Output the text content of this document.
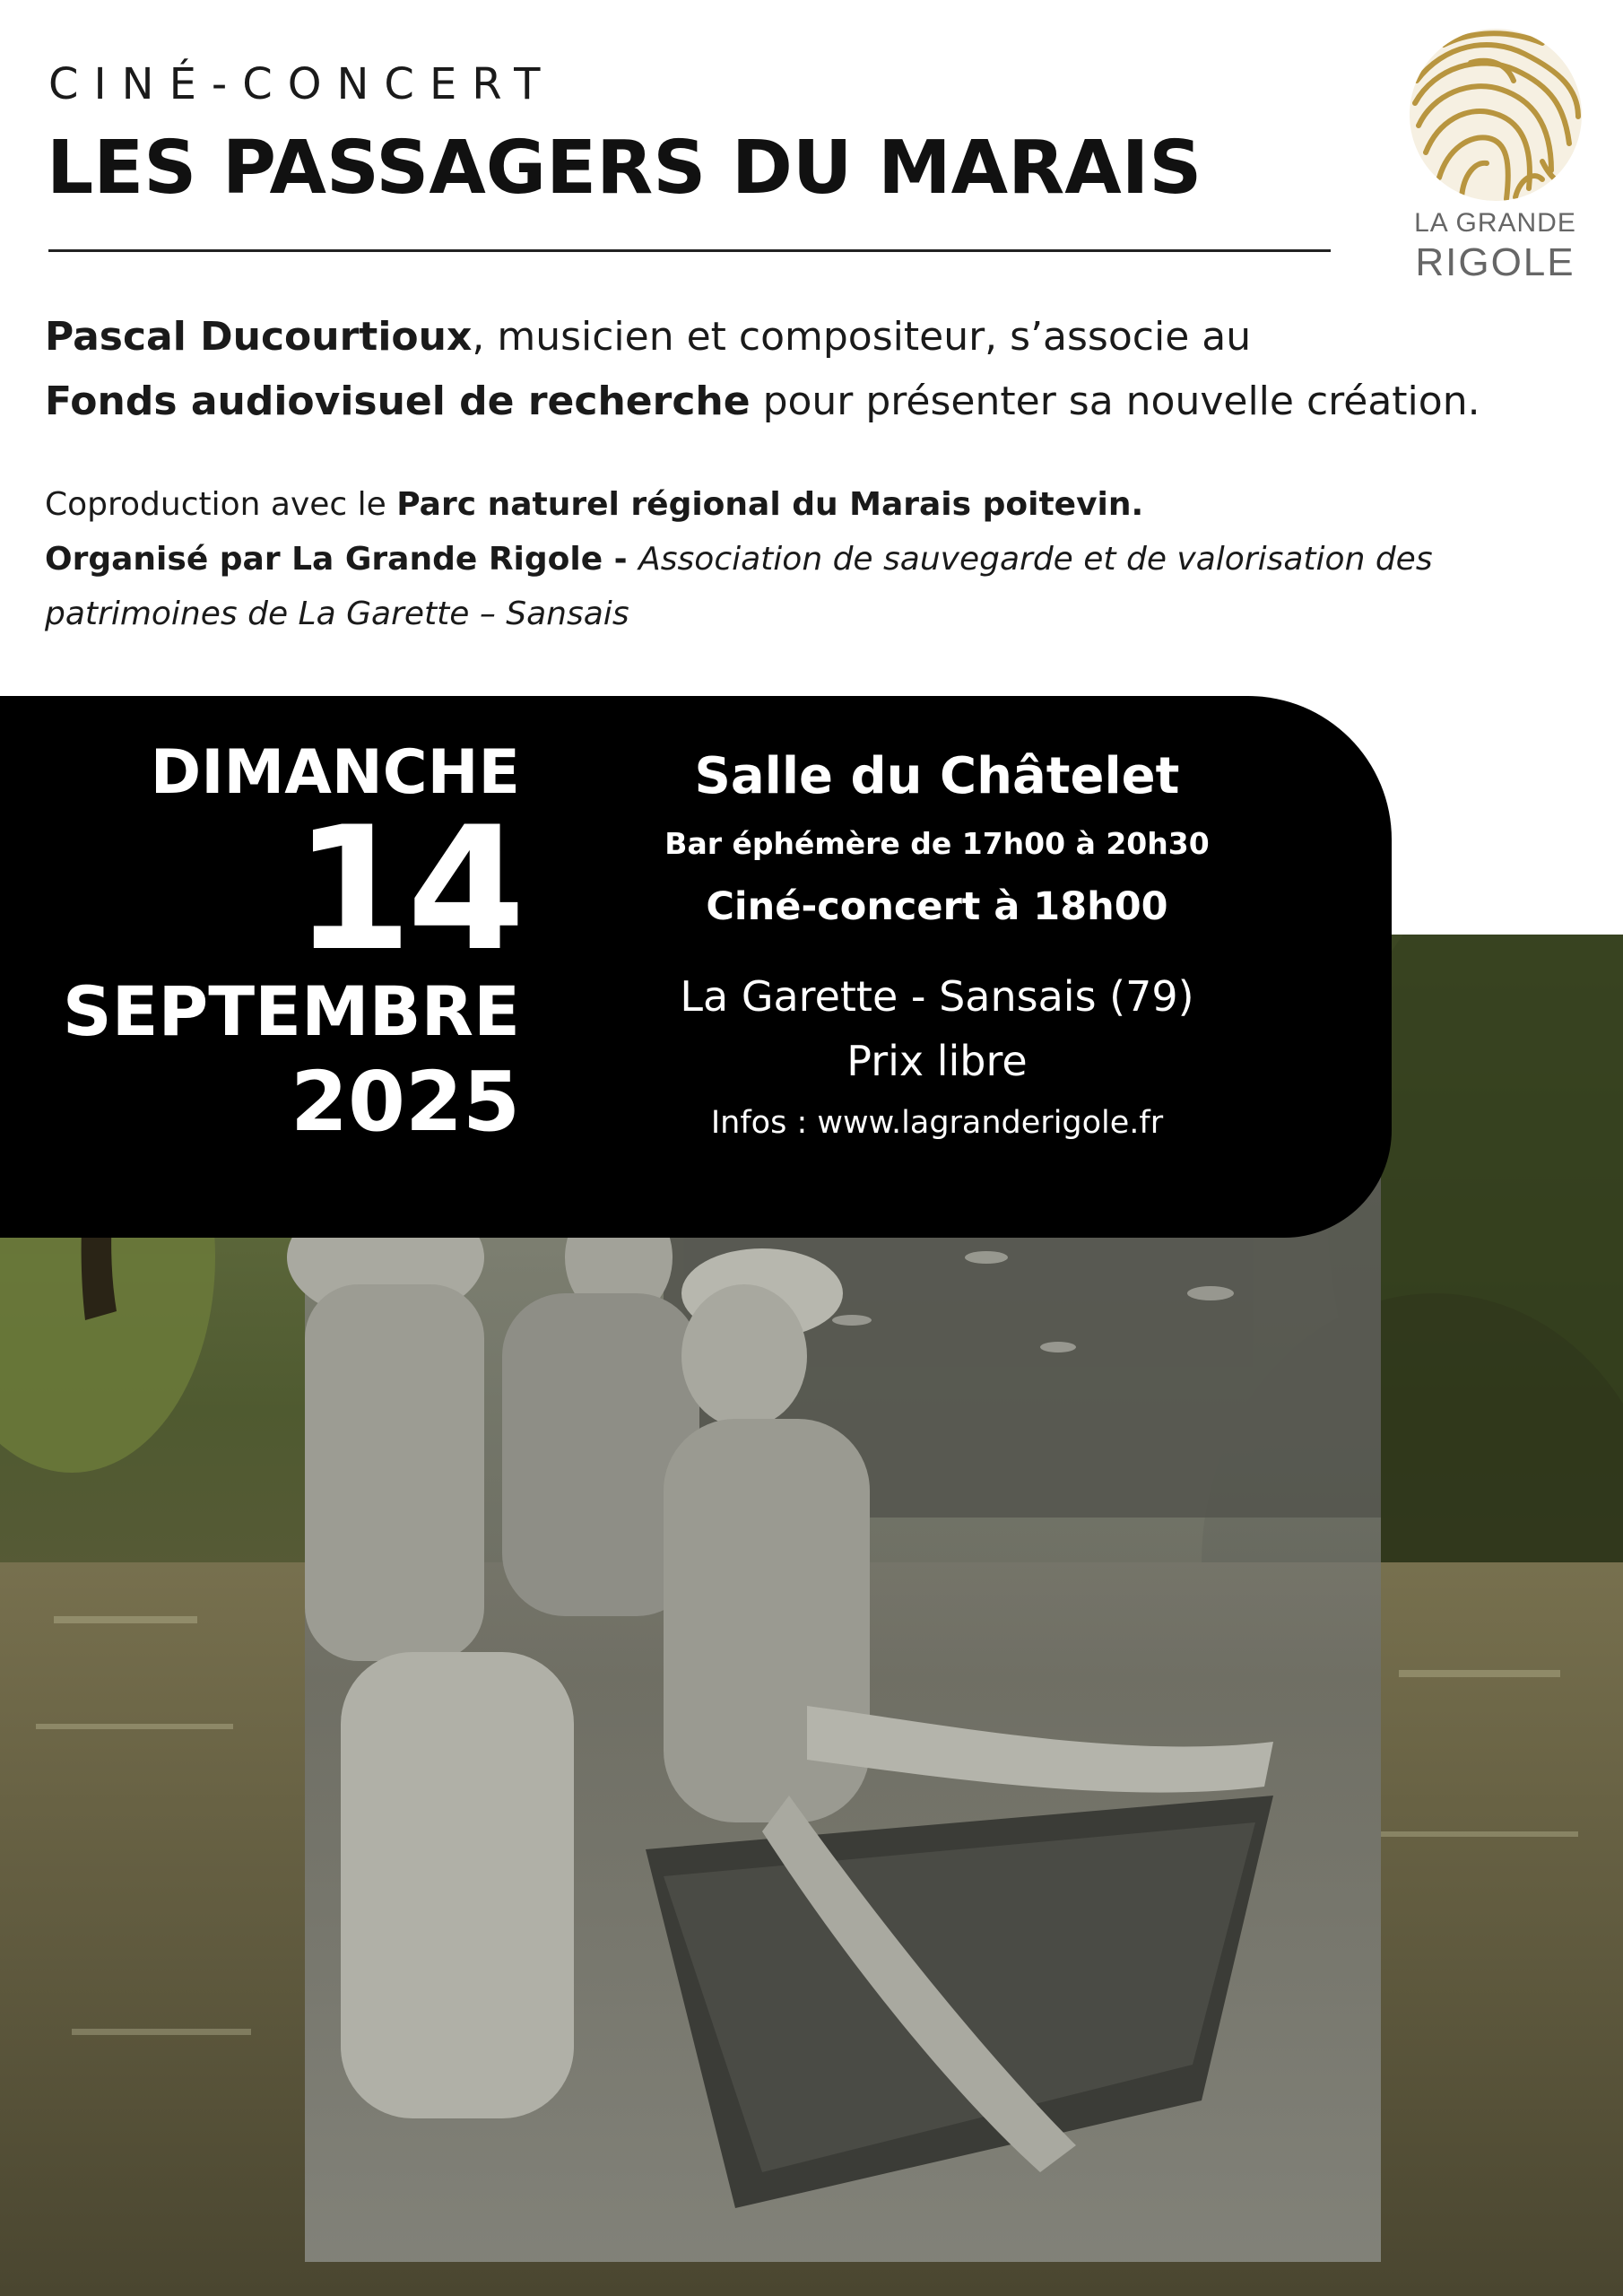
CINÉ-CONCERT
LES PASSAGERS DU MARAIS
LA GRANDE
RIGOLE

Pascal Ducourtioux, musicien et compositeur, s’associe au

Fonds audiovisuel de recherche pour présenter sa nouvelle création.

Coproduction avec le Parc naturel régional du Marais poitevin.

Organisé par La Grande Rigole - Association de sauvegarde et de valorisation des patrimoines de La Garette – Sansais

DIMANCHE
14
SEPTEMBRE
2025
Salle du Châtelet
Bar éphémère de 17h00 à 20h30
Ciné-concert à 18h00
La Garette - Sansais (79)
Prix libre
Infos : www.lagranderigole.fr
